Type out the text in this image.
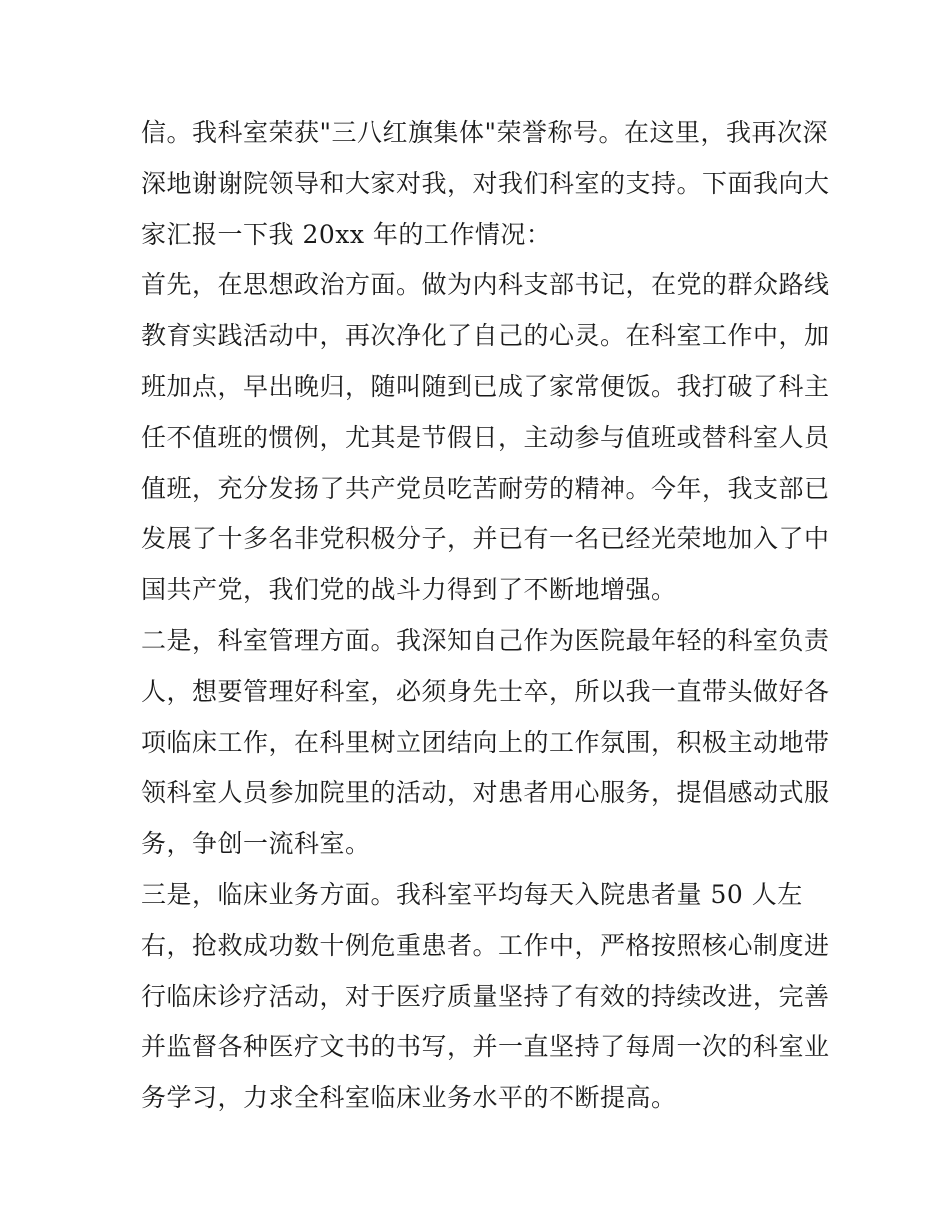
信。我科室荣获"三八红旗集体"荣誉称号。在这里，我再次深
深地谢谢院领导和大家对我，对我们科室的支持。下面我向大
家汇报一下我 20xx 年的工作情况：
首先，在思想政治方面。做为内科支部书记，在党的群众路线
教育实践活动中，再次净化了自己的心灵。在科室工作中，加
班加点，早出晚归，随叫随到已成了家常便饭。我打破了科主
任不值班的惯例，尤其是节假日，主动参与值班或替科室人员
值班，充分发扬了共产党员吃苦耐劳的精神。今年，我支部已
发展了十多名非党积极分子，并已有一名已经光荣地加入了中
国共产党，我们党的战斗力得到了不断地增强。
二是，科室管理方面。我深知自己作为医院最年轻的科室负责
人，想要管理好科室，必须身先士卒，所以我一直带头做好各
项临床工作，在科里树立团结向上的工作氛围，积极主动地带
领科室人员参加院里的活动，对患者用心服务，提倡感动式服
务，争创一流科室。
三是，临床业务方面。我科室平均每天入院患者量 50 人左
右，抢救成功数十例危重患者。工作中，严格按照核心制度进
行临床诊疗活动，对于医疗质量坚持了有效的持续改进，完善
并监督各种医疗文书的书写，并一直坚持了每周一次的科室业
务学习，力求全科室临床业务水平的不断提高。
